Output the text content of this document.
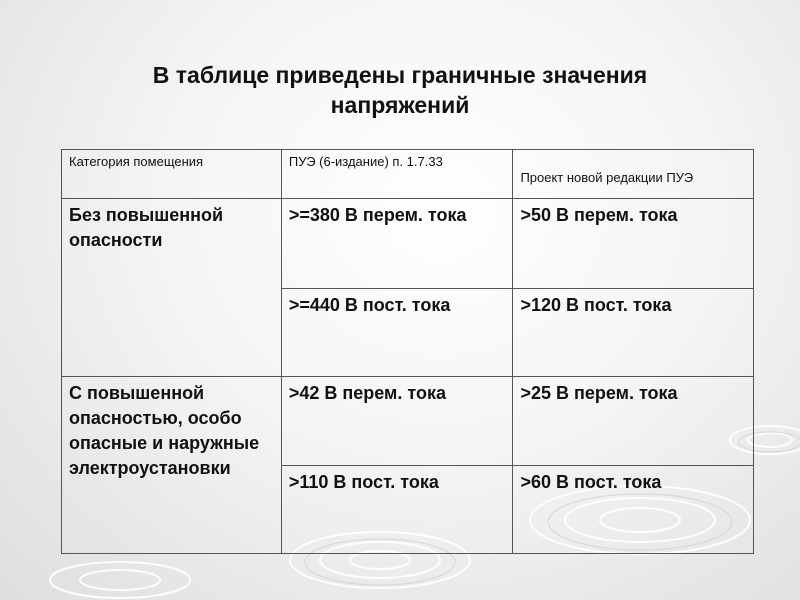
В таблице приведены граничные значения
напряжений
Категория помещения	ПУЭ (6-издание) п. 1.7.33	Проект новой редакции ПУЭ
Без повышенной опасности	>=380 В перем. тока	>50 В перем. тока
	>=440 В пост. тока	>120 В пост. тока
С повышенной опасностью, особо опасные и наружные электроустановки	>42 В перем. тока	>25 В перем. тока
	>110 В пост. тока	>60 В пост. тока
